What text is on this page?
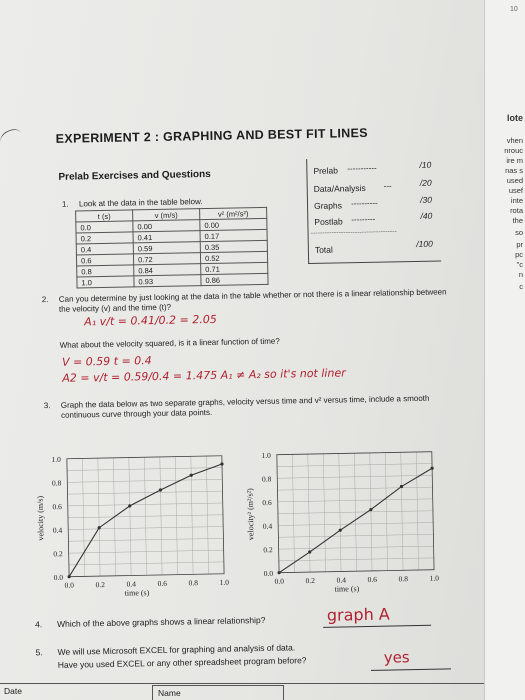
lote
vhen
nrouc
ire m
nas s
used
usef
inte
rota
the
so
pr
pc
"c
n
c
10
EXPERIMENT 2 : GRAPHING AND BEST FIT LINES
Prelab Exercises and Questions	Prelab -----------	/10
Data/Analysis ---	/20
Graphs ----------	/30
Postlab ---------	/40
-------------------------------------
Total
/100
1. Look at the data in the table below.
t (s)	v (m/s)	v² (m²/s²)
0.0	0.00	0.00
0.2	0.41	0.17
0.4	0.59	0.35
0.6	0.72	0.52
0.8	0.84	0.71
1.0	0.93	0.86
2. Can you determine by just looking at the data in the table whether or not there is a linear relationship between the velocity (v) and the time (t)?
A₁ v/t = 0.41/0.2 = 2.05
What about the velocity squared, is it a linear function of time?
V = 0.59 t = 0.4
A2 = v/t = 0.59/0.4 = 1.475 A₁ ≠ A₂ so it's not liner
3. Graph the data below as two separate graphs, velocity versus time and v² versus time, include a smooth continuous curve through your data points.
0.0	0.2	0.4	0.6	0.8	1.0
0.0
0.2
0.4
0.6
0.8
1.0
time (s)
velocity (m/s)
0.0	0.2	0.4	0.6	0.8	1.0
0.0
0.2
0.4
0.6
0.8
1.0
time (s)
velocity² (m²/s²)
4. Which of the above graphs shows a linear relationship?	graph A
5. We will use Microsoft EXCEL for graphing and analysis of data.
Have you used EXCEL or any other spreadsheet program before?	yes
Date	Name
